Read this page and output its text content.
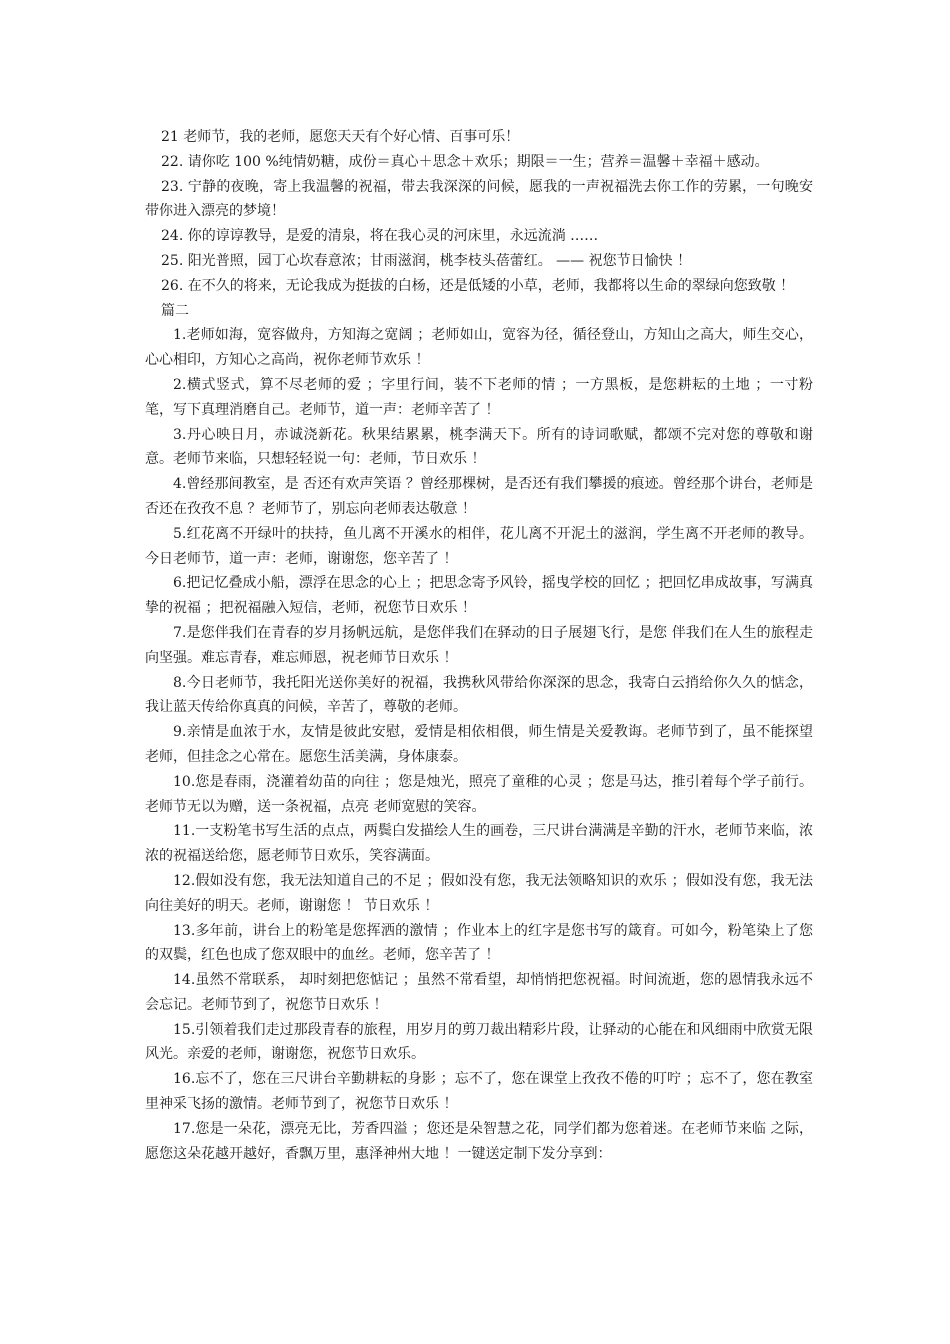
21 老师节，我的老师，愿您天天有个好心情、百事可乐！

22. 请你吃 100 %纯情奶糖，成份＝真心＋思念＋欢乐；期限＝一生；营养＝温馨＋幸福＋感动。

23. 宁静的夜晚，寄上我温馨的祝福，带去我深深的问候，愿我的一声祝福洗去你工作的劳累，一句晚安带你进入漂亮的梦境！

24. 你的谆谆教导，是爱的清泉，将在我心灵的河床里，永远流淌 ……

25. 阳光普照，园丁心坎春意浓；甘雨滋润，桃李枝头蓓蕾红。 —— 祝您节日愉快 ！

26. 在不久的将来，无论我成为挺拔的白杨，还是低矮的小草，老师，我都将以生命的翠绿向您致敬 ！

篇二

1.老师如海，宽容做舟，方知海之宽阔 ；老师如山，宽容为径，循径登山，方知山之高大，师生交心，心心相印，方知心之高尚，祝你老师节欢乐 ！

2.横式竖式，算不尽老师的爱 ；字里行间，装不下老师的情 ；一方黑板，是您耕耘的土地 ；一寸粉笔，写下真理消磨自己。老师节，道一声：老师辛苦了 ！

3.丹心映日月，赤诚浇新花。秋果结累累，桃李满天下。所有的诗词歌赋，都颂不完对您的尊敬和谢意。老师节来临，只想轻轻说一句：老师，节日欢乐 ！

4.曾经那间教室，是 否还有欢声笑语 ？曾经那棵树，是否还有我们攀援的痕迹。曾经那个讲台，老师是否还在孜孜不息 ？老师节了，别忘向老师表达敬意 ！

5.红花离不开绿叶的扶持，鱼儿离不开溪水的相伴，花儿离不开泥土的滋润，学生离不开老师的教导。今日老师节，道一声：老师，谢谢您，您辛苦了 ！

6.把记忆叠成小船，漂浮在思念的心上 ；把思念寄予风铃，摇曳学校的回忆 ；把回忆串成故事，写满真挚的祝福 ；把祝福融入短信，老师，祝您节日欢乐 ！

7.是您伴我们在青春的岁月扬帆远航，是您伴我们在驿动的日子展翅飞行，是您 伴我们在人生的旅程走向坚强。难忘青春，难忘师恩，祝老师节日欢乐 ！

8.今日老师节，我托阳光送你美好的祝福，我携秋风带给你深深的思念，我寄白云捎给你久久的惦念，我让蓝天传给你真真的问候，辛苦了，尊敬的老师。

9.亲情是血浓于水，友情是彼此安慰，爱情是相依相偎，师生情是关爱教诲。老师节到了，虽不能探望老师，但挂念之心常在。愿您生活美满，身体康泰。

10.您是春雨，浇灌着幼苗的向往 ；您是烛光，照亮了童稚的心灵 ；您是马达，推引着每个学子前行。老师节无以为赠，送一条祝福，点亮 老师宽慰的笑容。

11.一支粉笔书写生活的点点，两鬓白发描绘人生的画卷，三尺讲台满满是辛勤的汗水，老师节来临，浓浓的祝福送给您，愿老师节日欢乐，笑容满面。

12.假如没有您，我无法知道自己的不足 ；假如没有您，我无法领略知识的欢乐 ；假如没有您，我无法向往美好的明天。老师，谢谢您 ！ 节日欢乐 ！

13.多年前，讲台上的粉笔是您挥洒的激情 ；作业本上的红字是您书写的箴育。可如今，粉笔染上了您的双鬓，红色也成了您双眼中的血丝。老师，您辛苦了 ！

14.虽然不常联系， 却时刻把您惦记 ；虽然不常看望，却悄悄把您祝福。时间流逝，您的恩情我永远不会忘记。老师节到了，祝您节日欢乐 ！

15.引领着我们走过那段青春的旅程，用岁月的剪刀裁出精彩片段，让驿动的心能在和风细雨中欣赏无限风光。亲爱的老师，谢谢您，祝您节日欢乐。

16.忘不了，您在三尺讲台辛勤耕耘的身影 ；忘不了，您在课堂上孜孜不倦的叮咛 ；忘不了，您在教室里神采飞扬的激情。老师节到了，祝您节日欢乐 ！

17.您是一朵花，漂亮无比，芳香四溢 ；您还是朵智慧之花，同学们都为您着迷。在老师节来临 之际，愿您这朵花越开越好，香飘万里，惠泽神州大地 ！一键送定制下发分享到：
